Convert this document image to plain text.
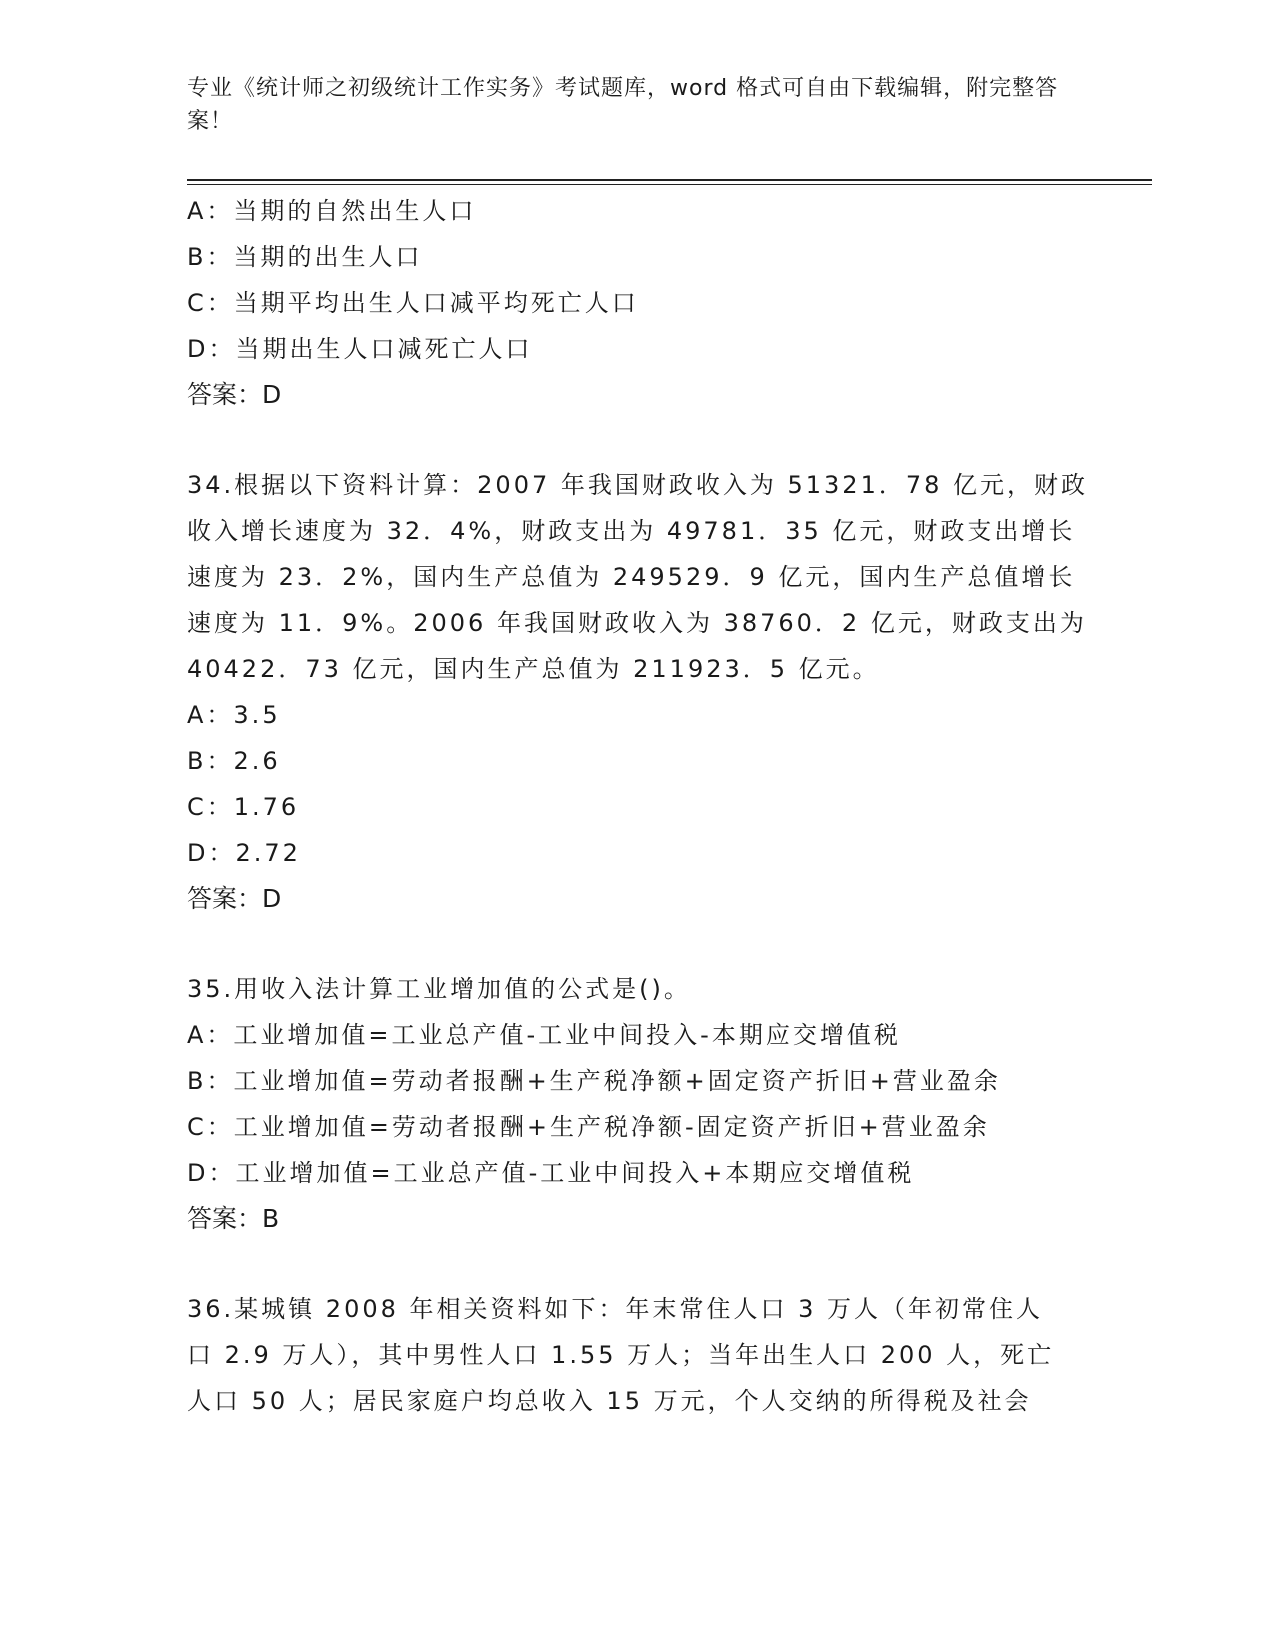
专业《统计师之初级统计工作实务》考试题库，word 格式可自由下载编辑，附完整答案！
A：当期的自然出生人口
B：当期的出生人口
C：当期平均出生人口减平均死亡人口
D：当期出生人口减死亡人口
答案：D
34.根据以下资料计算：2007 年我国财政收入为 51321．78 亿元，财政
收入增长速度为 32．4%，财政支出为 49781．35 亿元，财政支出增长
速度为 23．2%，国内生产总值为 249529．9 亿元，国内生产总值增长
速度为 11．9%。2006 年我国财政收入为 38760．2 亿元，财政支出为
40422．73 亿元，国内生产总值为 211923．5 亿元。
A：3.5
B：2.6
C：1.76
D：2.72
答案：D
35.用收入法计算工业增加值的公式是()。
A：工业增加值=工业总产值-工业中间投入-本期应交增值税
B：工业增加值=劳动者报酬+生产税净额+固定资产折旧+营业盈余
C：工业增加值=劳动者报酬+生产税净额-固定资产折旧+营业盈余
D：工业增加值=工业总产值-工业中间投入+本期应交增值税
答案：B
36.某城镇 2008 年相关资料如下：年末常住人口 3 万人（年初常住人
口 2.9 万人），其中男性人口 1.55 万人；当年出生人口 200 人，死亡
人口 50 人；居民家庭户均总收入 15 万元，个人交纳的所得税及社会
